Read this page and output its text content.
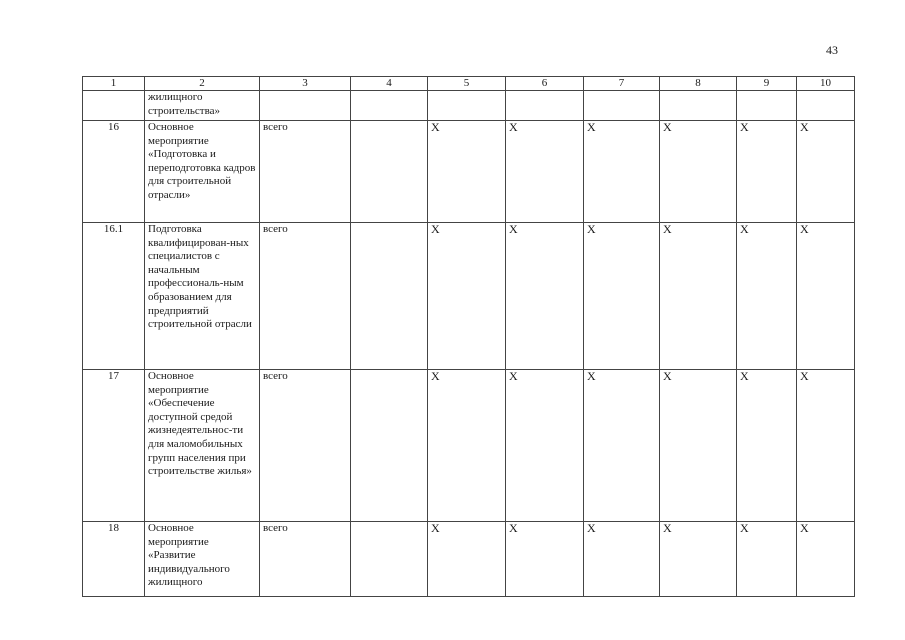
43
1	2	3	4	5	6	7	8	9	10
	жилищного строительства»								
16	Основное мероприятие «Подготовка и переподготовка кадров для строительной отрасли»	всего		Х	Х	Х	Х	Х	Х
16.1	Подготовка квалифицирован-ных специалистов с начальным профессиональ-ным образованием для предприятий строительной отрасли	всего		Х	Х	Х	Х	Х	Х
17	Основное мероприятие «Обеспечение доступной средой жизнедеятельнос-ти для маломобильных групп населения при строительстве жилья»	всего		Х	Х	Х	Х	Х	Х
18	Основное мероприятие «Развитие индивидуального жилищного	всего		Х	Х	Х	Х	Х	Х
